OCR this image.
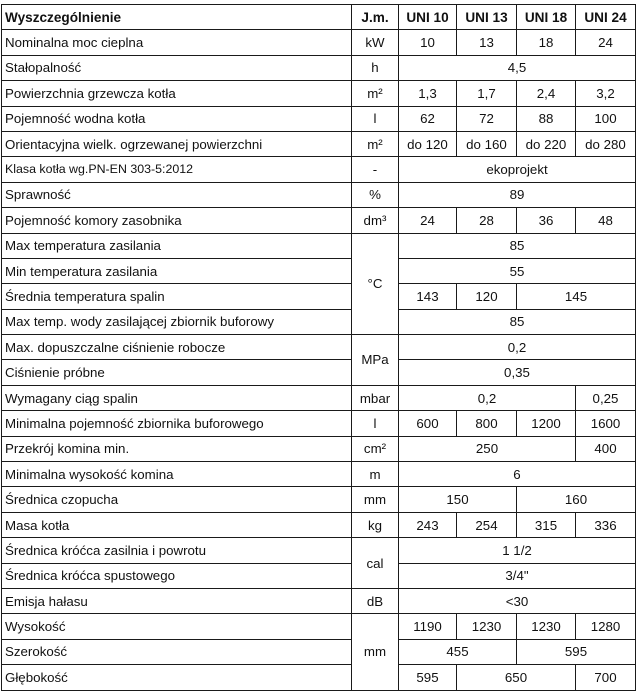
Wyszczególnienie	J.m.	UNI 10	UNI 13	UNI 18	UNI 24
Nominalna moc cieplna	kW	10	13	18	24
Stałopalność	h	4,5			
Powierzchnia grzewcza kotła	m²	1,3	1,7	2,4	3,2
Pojemność wodna kotła	l	62	72	88	100
Orientacyjna wielk. ogrzewanej powierzchni	m²	do 120	do 160	do 220	do 280
Klasa kotła wg.PN-EN 303-5:2012	-	ekoprojekt			
Sprawność	%	89			
Pojemność komory zasobnika	dm³	24	28	36	48
Max temperatura zasilania	°C	85			
Min temperatura zasilania		55			
Średnia temperatura spalin		143	120	145	
Max temp. wody zasilającej zbiornik buforowy		85			
Max. dopuszczalne ciśnienie robocze	MPa	0,2			
Ciśnienie próbne		0,35			
Wymagany ciąg spalin	mbar	0,2			0,25
Minimalna pojemność zbiornika buforowego	l	600	800	1200	1600
Przekrój komina min.	cm²	250			400
Minimalna wysokość komina	m	6			
Średnica czopucha	mm	150		160	
Masa kotła	kg	243	254	315	336
Średnica króćca zasilnia i powrotu	cal	1 1/2			
Średnica króćca spustowego		3/4"			
Emisja hałasu	dB	<30			
Wysokość	mm	1190	1230	1230	1280
Szerokość		455		595	
Głębokość		595	650		700
